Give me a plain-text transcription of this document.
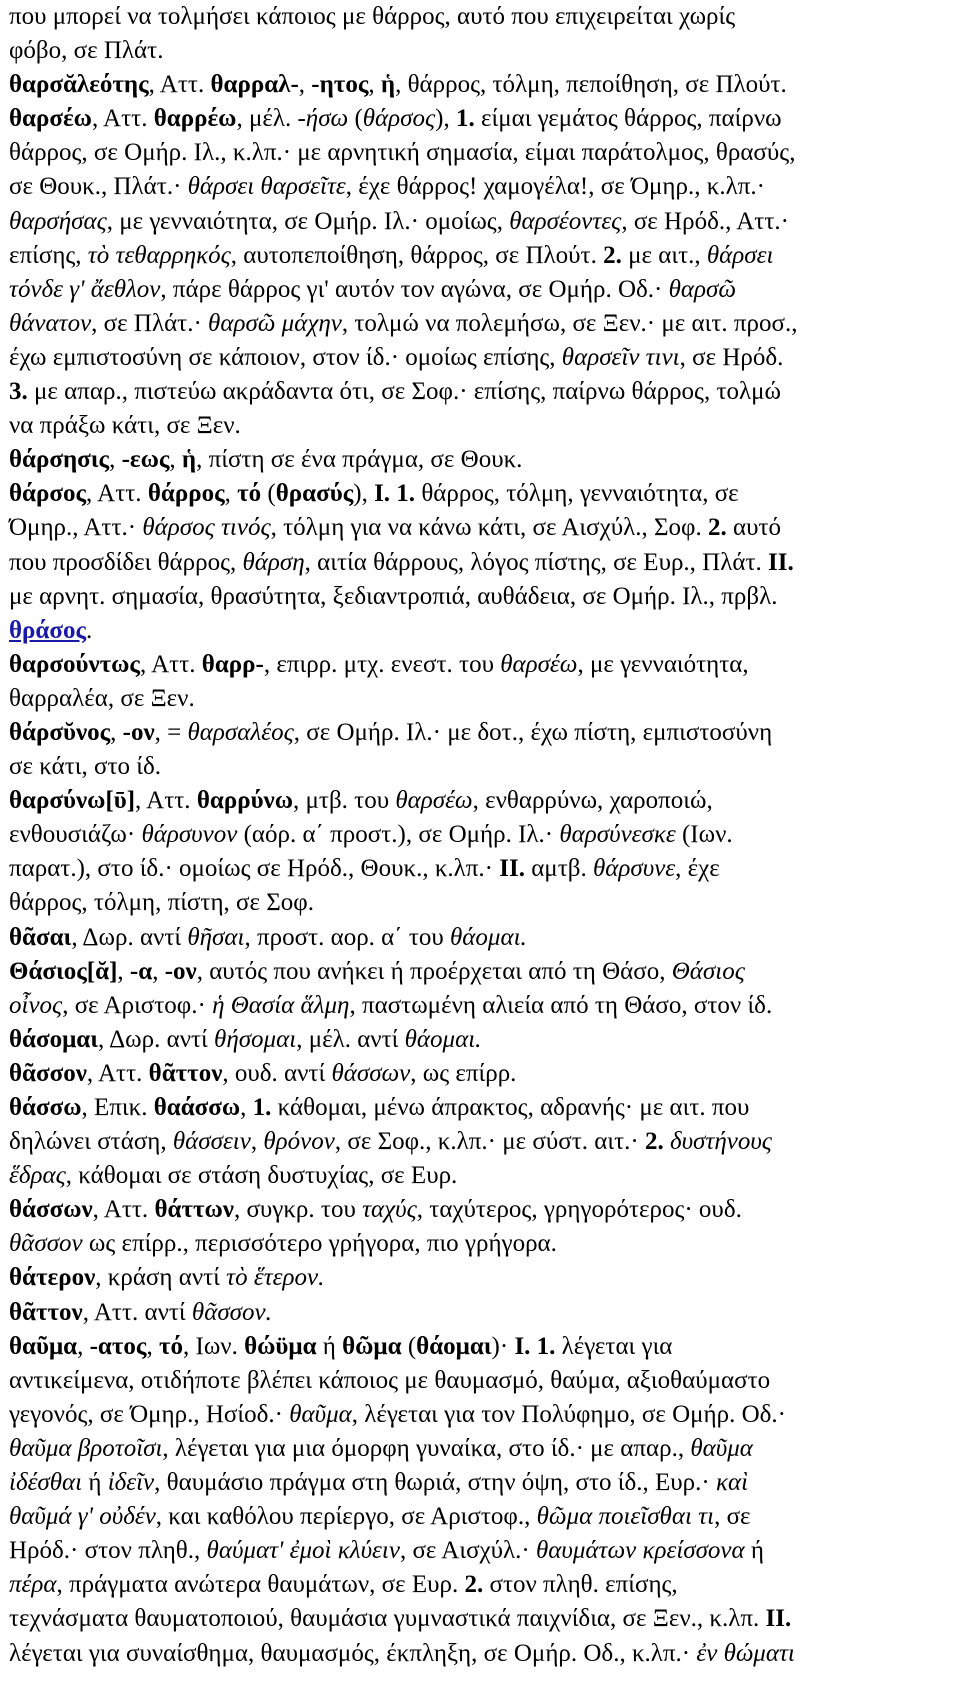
που μπορεί να τολμήσει κάποιος με θάρρος, αυτό που επιχειρείται χωρίς
φόβο, σε Πλάτ.
θαρσᾰλεότης, Αττ. θαρραλ-, -ητος, ἡ, θάρρος, τόλμη, πεποίθηση, σε Πλούτ.
θαρσέω, Αττ. θαρρέω, μέλ. -ήσω (θάρσος), 1. είμαι γεμάτος θάρρος, παίρνω
θάρρος, σε Ομήρ. Ιλ., κ.λπ.· με αρνητική σημασία, είμαι παράτολμος, θρασύς,
σε Θουκ., Πλάτ.· θάρσει θαρσεῖτε, έχε θάρρος! χαμογέλα!, σε Όμηρ., κ.λπ.·
θαρσήσας, με γενναιότητα, σε Ομήρ. Ιλ.· ομοίως, θαρσέοντες, σε Ηρόδ., Αττ.·
επίσης, τὸ τεθαρρηκός, αυτοπεποίθηση, θάρρος, σε Πλούτ. 2. με αιτ., θάρσει
τόνδε γ' ἄεθλον, πάρε θάρρος γι' αυτόν τον αγώνα, σε Ομήρ. Οδ.· θαρσῶ
θάνατον, σε Πλάτ.· θαρσῶ μάχην, τολμώ να πολεμήσω, σε Ξεν.· με αιτ. προσ.,
έχω εμπιστοσύνη σε κάποιον, στον ίδ.· ομοίως επίσης, θαρσεῖν τινι, σε Ηρόδ.
3. με απαρ., πιστεύω ακράδαντα ότι, σε Σοφ.· επίσης, παίρνω θάρρος, τολμώ
να πράξω κάτι, σε Ξεν.
θάρσησις, -εως, ἡ, πίστη σε ένα πράγμα, σε Θουκ.
θάρσος, Αττ. θάρρος, τό (θρασύς), I. 1. θάρρος, τόλμη, γενναιότητα, σε
Όμηρ., Αττ.· θάρσος τινός, τόλμη για να κάνω κάτι, σε Αισχύλ., Σοφ. 2. αυτό
που προσδίδει θάρρος, θάρση, αιτία θάρρους, λόγος πίστης, σε Ευρ., Πλάτ. II.
με αρνητ. σημασία, θρασύτητα, ξεδιαντροπιά, αυθάδεια, σε Ομήρ. Ιλ., πρβλ.
θράσος.
θαρσούντως, Αττ. θαρρ-, επιρρ. μτχ. ενεστ. του θαρσέω, με γενναιότητα,
θαρραλέα, σε Ξεν.
θάρσῠνος, -ον, = θαρσαλέος, σε Ομήρ. Ιλ.· με δοτ., έχω πίστη, εμπιστοσύνη
σε κάτι, στο ίδ.
θαρσύνω[ῡ], Αττ. θαρρύνω, μτβ. του θαρσέω, ενθαρρύνω, χαροποιώ,
ενθουσιάζω· θάρσυνον (αόρ. α΄ προστ.), σε Ομήρ. Ιλ.· θαρσύνεσκε (Ιων.
παρατ.), στο ίδ.· ομοίως σε Ηρόδ., Θουκ., κ.λπ.· II. αμτβ. θάρσυνε, έχε
θάρρος, τόλμη, πίστη, σε Σοφ.
θᾶσαι, Δωρ. αντί θῆσαι, προστ. αορ. α΄ του θάομαι.
Θάσιος[ᾰ], -α, -ον, αυτός που ανήκει ή προέρχεται από τη Θάσο, Θάσιος
οἶνος, σε Αριστοφ.· ἡ Θασία ἅλμη, παστωμένη αλιεία από τη Θάσο, στον ίδ.
θάσομαι, Δωρ. αντί θήσομαι, μέλ. αντί θάομαι.
θᾶσσον, Αττ. θᾶττον, ουδ. αντί θάσσων, ως επίρρ.
θάσσω, Επικ. θαάσσω, 1. κάθομαι, μένω άπρακτος, αδρανής· με αιτ. που
δηλώνει στάση, θάσσειν, θρόνον, σε Σοφ., κ.λπ.· με σύστ. αιτ.· 2. δυστήνους
ἕδρας, κάθομαι σε στάση δυστυχίας, σε Ευρ.
θάσσων, Αττ. θάττων, συγκρ. του ταχύς, ταχύτερος, γρηγορότερος· ουδ.
θᾶσσον ως επίρρ., περισσότερο γρήγορα, πιο γρήγορα.
θάτερον, κράση αντί τὸ ἕτερον.
θᾶττον, Αττ. αντί θᾶσσον.
θαῦμα, -ατος, τό, Ιων. θώϋμα ή θῶμα (θάομαι)· I. 1. λέγεται για
αντικείμενα, οτιδήποτε βλέπει κάποιος με θαυμασμό, θαύμα, αξιοθαύμαστο
γεγονός, σε Όμηρ., Ησίοδ.· θαῦμα, λέγεται για τον Πολύφημο, σε Ομήρ. Οδ.·
θαῦμα βροτοῖσι, λέγεται για μια όμορφη γυναίκα, στο ίδ.· με απαρ., θαῦμα
ἰδέσθαι ή ἰδεῖν, θαυμάσιο πράγμα στη θωριά, στην όψη, στο ίδ., Ευρ.· καὶ
θαῦμά γ' οὐδέν, και καθόλου περίεργο, σε Αριστοφ., θῶμα ποιεῖσθαι τι, σε
Ηρόδ.· στον πληθ., θαύματ' ἐμοὶ κλύειν, σε Αισχύλ.· θαυμάτων κρείσσονα ή
πέρα, πράγματα ανώτερα θαυμάτων, σε Ευρ. 2. στον πληθ. επίσης,
τεχνάσματα θαυματοποιού, θαυμάσια γυμναστικά παιχνίδια, σε Ξεν., κ.λπ. II.
λέγεται για συναίσθημα, θαυμασμός, έκπληξη, σε Ομήρ. Οδ., κ.λπ.· ἐν θώματι
